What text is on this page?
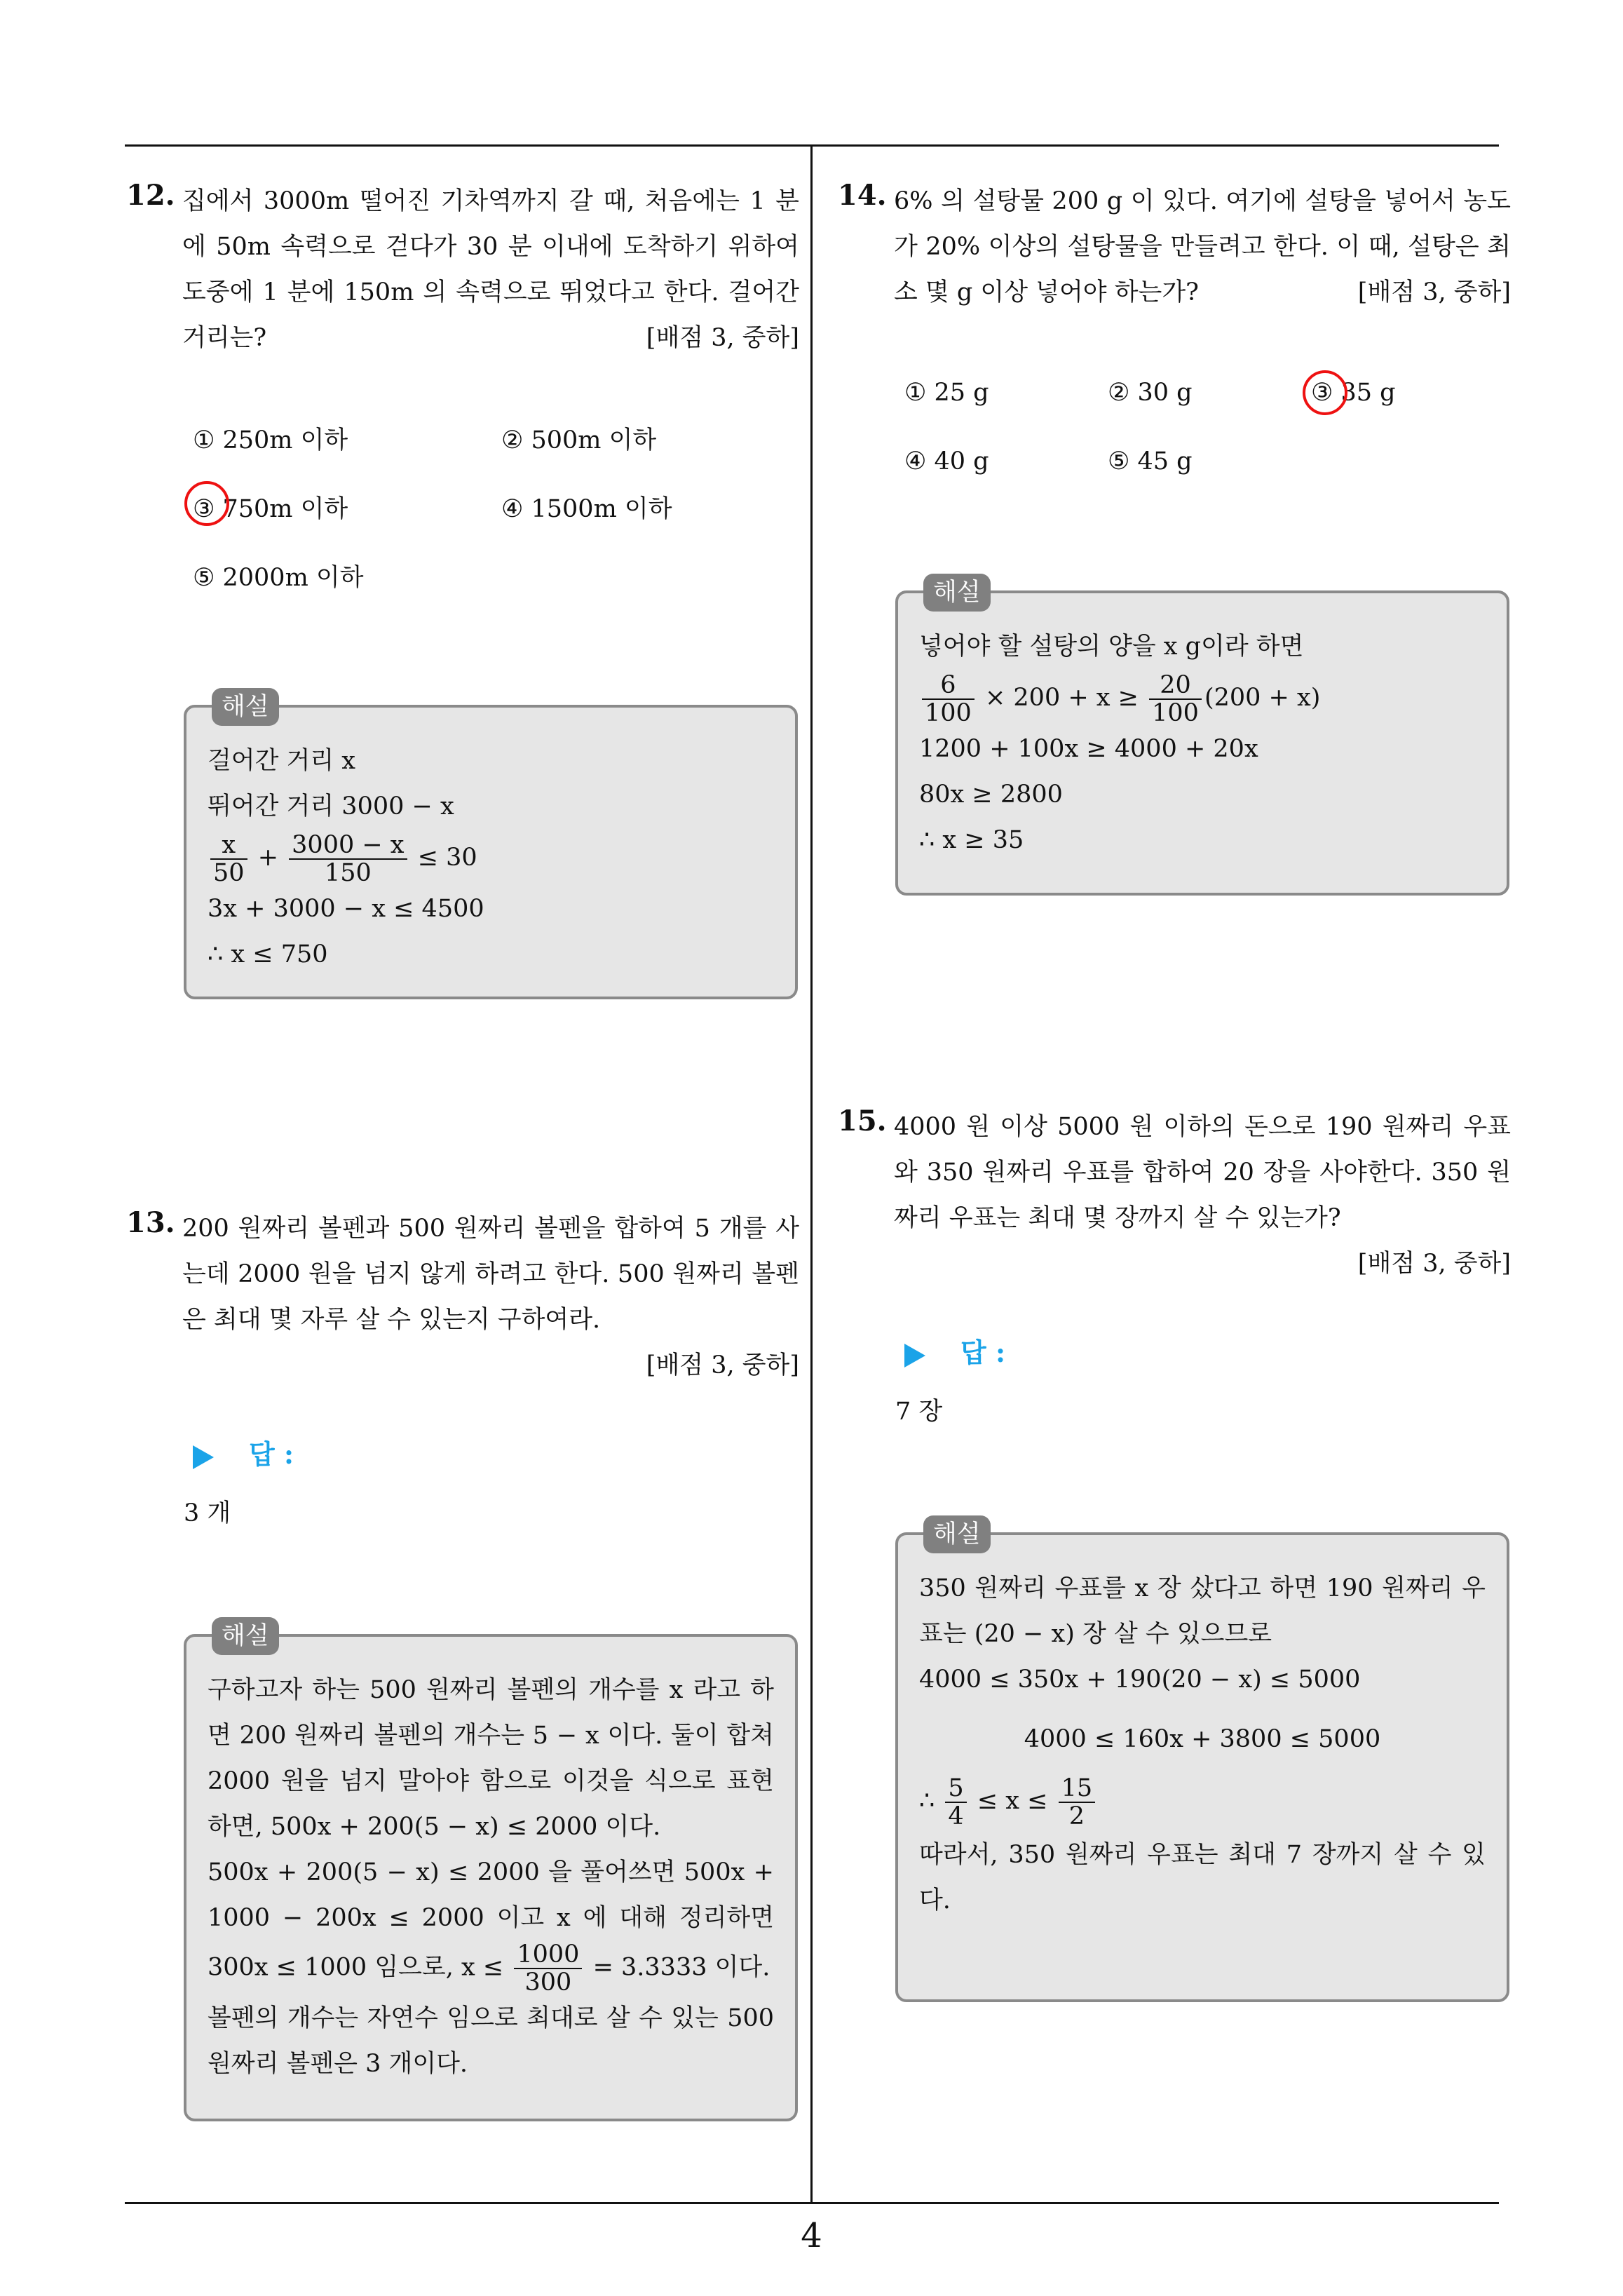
12. 집에서 3000m 떨어진 기차역까지 갈 때, 처음에는 1 분에 50m 속력으로 걷다가 30 분 이내에 도착하기 위하여 도중에 1 분에 150m 의 속력으로 뛰었다고 한다. 걸어간 거리는?	[배점 3, 중하]
① 250m 이하	② 500m 이하
③ 750m 이하	④ 1500m 이하
⑤ 2000m 이하
해설
걸어간 거리 x
뛰어간 거리 3000 − x
$\frac{x}{50} + \frac{3000 - x}{150} \le 30$
3x + 3000 − x ≤ 4500
∴ x ≤ 750
13. 200 원짜리 볼펜과 500 원짜리 볼펜을 합하여 5 개를 사는데 2000 원을 넘지 않게 하려고 한다. 500 원짜리 볼펜은 최대 몇 자루 살 수 있는지 구하여라.
[배점 3, 중하]
답 :
3 개
해설
구하고자 하는 500 원짜리 볼펜의 개수를 x 라고 하면 200 원짜리 볼펜의 개수는 5 − x 이다. 둘이 합쳐 2000 원을 넘지 말아야 함으로 이것을 식으로 표현하면, 500x + 200(5 − x) ≤ 2000 이다.
500x + 200(5 − x) ≤ 2000 을 풀어쓰면 500x + 1000 − 200x ≤ 2000 이고 x 에 대해 정리하면 300x ≤ 1000 임으로, $x \le \frac{1000}{300} = 3.3333$ 이다.
볼펜의 개수는 자연수 임으로 최대로 살 수 있는 500 원짜리 볼펜은 3 개이다.
14. 6% 의 설탕물 200 g 이 있다. 여기에 설탕을 넣어서 농도가 20% 이상의 설탕물을 만들려고 한다. 이 때, 설탕은 최소 몇 g 이상 넣어야 하는가?	[배점 3, 중하]
① 25 g	② 30 g	③ 35 g
④ 40 g	⑤ 45 g
해설
넣어야 할 설탕의 양을 x g이라 하면
$\frac{6}{100} \times 200 + x \ge \frac{20}{100} (200 + x)$
1200 + 100x ≥ 4000 + 20x
80x ≥ 2800
∴ x ≥ 35
15. 4000 원 이상 5000 원 이하의 돈으로 190 원짜리 우표와 350 원짜리 우표를 합하여 20 장을 사야한다. 350 원짜리 우표는 최대 몇 장까지 살 수 있는가?
[배점 3, 중하]
답 :
7 장
해설
350 원짜리 우표를 x 장 샀다고 하면 190 원짜리 우표는 (20 − x) 장 살 수 있으므로
4000 ≤ 350x + 190(20 − x) ≤ 5000
4000 ≤ 160x + 3800 ≤ 5000
∴ $\frac{5}{4} \le x \le \frac{15}{2}$
따라서, 350 원짜리 우표는 최대 7 장까지 살 수 있다.
4
